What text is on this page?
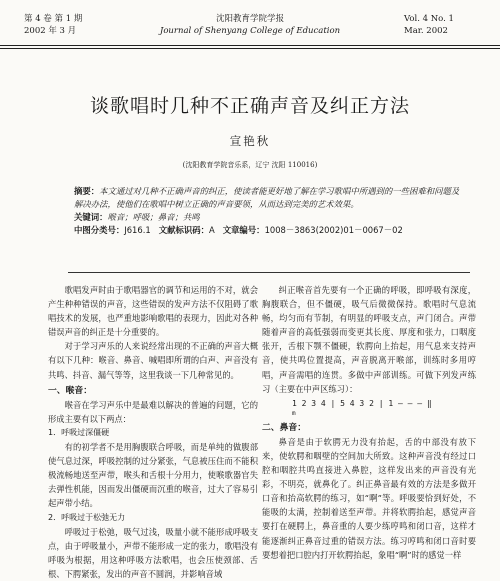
第 4 卷 第 1 期
2002 年 3 月
沈阳教育学院学报
Journal of Shenyang College of Education
Vol. 4 No. 1
Mar. 2002
谈歌唱时几种不正确声音及纠正方法
宣艳秋
(沈阳教育学院音乐系，辽宁 沈阳 110016)

摘要：本文通过对几种不正确声音的纠正，使读者能更好地了解在学习歌唱中所遇到的一些困难和问题及解决办法，使他们在歌唱中树立正确的声音要领，从而达到完美的艺术效果。

关键词：喉音；呼吸；鼻音；共鸣

中图分类号：J616.1 文献标识码：A 文章编号：1008－3863(2002)01－0067－02

歌唱发声时由于歌唱器官的调节和运用的不对，就会产生种种错误的声音，这些错误的发声方法不仅阻碍了歌唱技术的发展，也严重地影响歌唱的表现力，因此对各种错误声音的纠正是十分重要的。

对于学习声乐的人来说经常出现的不正确的声音大概有以下几种：喉音、鼻音、喊唱即所谓的白声、声音没有共鸣、抖音、漏气等等，这里我谈一下几种常见的。

一、喉音：

喉音在学习声乐中是最难以解决的普遍的问题，它的形成主要有以下两点：

1．呼吸过深僵硬

有的初学者不是用胸腹联合呼吸，而是单纯的做腹部使气息过深，呼吸控制的过分紧张，气息被压住而不能积极流畅地送至声带，喉头和舌根十分用力，使喉歌器官失去弹性机能，因而发出僵硬而沉重的喉音，过大了容易引起声带小结。

2．呼吸过于松弛无力

呼吸过于松弛，吸气过浅，吸量小就不能形成呼吸支点，由于呼吸量小，声带不能形成一定的张力，歌唱没有呼吸为根据，用这种呼吸方法歌唱，也会压使颈部、舌根、下腭紧张，发出的声音不圆润，并影响音域

纠正喉音首先要有一个正确的呼吸，即呼吸有深度，胸腹联合，但不僵硬，吸气后微微保持。歌唱时气息流畅，均匀而有节制，有明显的呼吸支点，声门闭合。声带随着声音的高低强弱而变更其长度、厚度和张力，口咽度张开，舌根下颚不僵硬，软腭向上抬起，用气息来支持声音，使共鸣位置提高，声音脱离开喉部，训练时多用哼唱，声音需唱的连贯。多做中声部训练。可做下列发声练习（主要在中声区练习）：

1 2 3 4 | 5 4 3 2 | 1 – – – ‖
m
二、鼻音：

鼻音是由于软腭无力没有抬起，舌的中部没有放下来，使软腭和咽壁的空间加大所致。这种声音没有经过口腔和咽腔共鸣直接进入鼻腔，这样发出来的声音没有光彩，不明亮，就鼻化了。纠正鼻音最有效的方法是多做开口音和抬高软腭的练习，如“啊”等。呼吸要恰到好处，不能吸的太满，控制着送至声带。并将软腭抬起，感觉声音要打在硬腭上，鼻音重的人要少练哼鸣和闭口音，这样才能逐渐纠正鼻音过重的错误方法。练习哼鸣和闭口音时要要想着把口腔内打开软腭抬起，象唱“啊”时的感觉一样
